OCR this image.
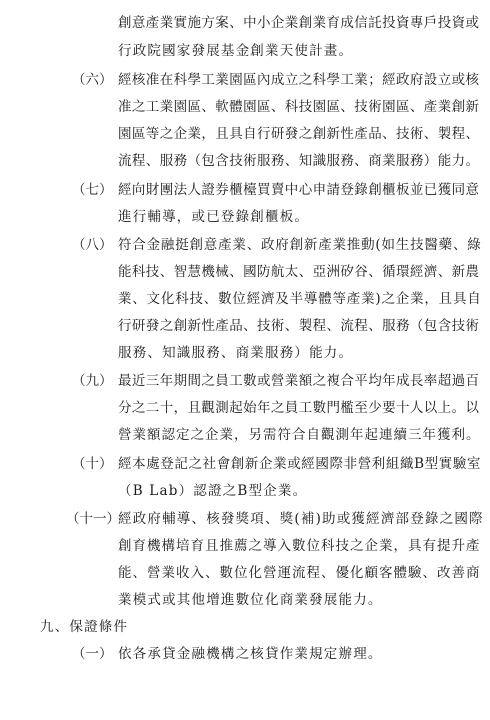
創意產業實施方案、中小企業創業育成信託投資專戶投資或
行政院國家發展基金創業天使計畫。
（六） 經核准在科學工業園區內成立之科學工業；經政府設立或核
准之工業園區、軟體園區、科技園區、技術園區、產業創新
園區等之企業，且具自行研發之創新性產品、技術、製程、
流程、服務（包含技術服務、知識服務、商業服務）能力。
（七） 經向財團法人證券櫃檯買賣中心申請登錄創櫃板並已獲同意
進行輔導，或已登錄創櫃板。
（八） 符合金融挺創意產業、政府創新產業推動(如生技醫藥、綠
能科技、智慧機械、國防航太、亞洲矽谷、循環經濟、新農
業、文化科技、數位經濟及半導體等產業)之企業，且具自
行研發之創新性產品、技術、製程、流程、服務（包含技術
服務、知識服務、商業服務）能力。
（九） 最近三年期間之員工數或營業額之複合平均年成長率超過百
分之二十，且觀測起始年之員工數門檻至少要十人以上。以
營業額認定之企業，另需符合自觀測年起連續三年獲利。
（十） 經本處登記之社會創新企業或經國際非營利組織B型實驗室
（B Lab）認證之B型企業。
（十一）
經政府輔導、核發獎項、獎(補)助或獲經濟部登錄之國際
創育機構培育且推薦之導入數位科技之企業，具有提升產
能、營業收入、數位化營運流程、優化顧客體驗、改善商
業模式或其他增進數位化商業發展能力。
九、保證條件
（一） 依各承貸金融機構之核貸作業規定辦理。
